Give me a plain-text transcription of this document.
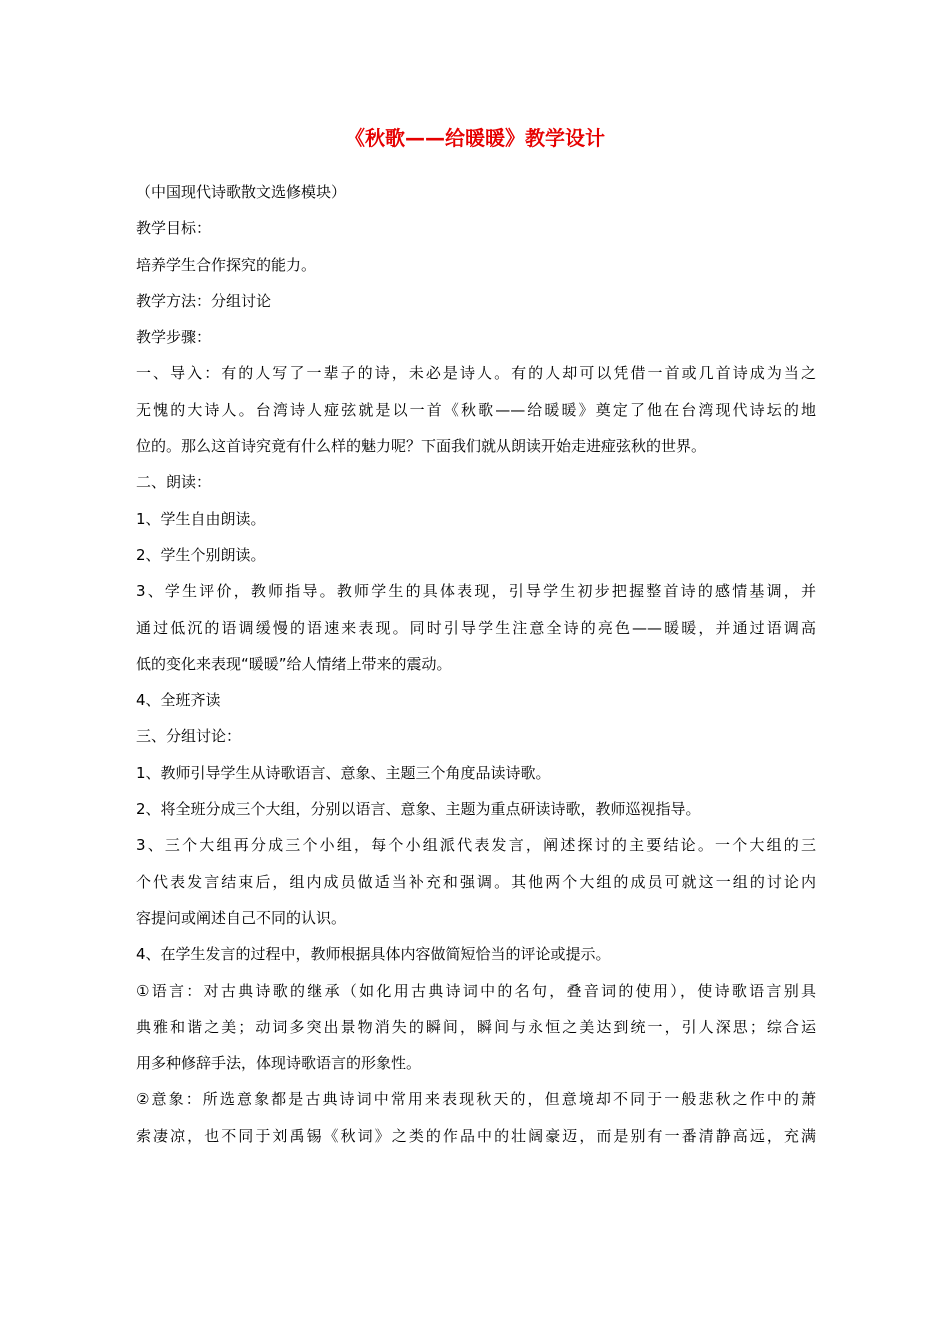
《秋歌——给暖暖》教学设计
（中国现代诗歌散文选修模块）
教学目标：
培养学生合作探究的能力。
教学方法：分组讨论
教学步骤：
一、导入：有的人写了一辈子的诗，未必是诗人。有的人却可以凭借一首或几首诗成为当之
无愧的大诗人。台湾诗人痖弦就是以一首《秋歌——给暖暖》奠定了他在台湾现代诗坛的地
位的。那么这首诗究竟有什么样的魅力呢？下面我们就从朗读开始走进痖弦秋的世界。
二、朗读：
1、学生自由朗读。
2、学生个别朗读。
3、学生评价，教师指导。教师学生的具体表现，引导学生初步把握整首诗的感情基调，并
通过低沉的语调缓慢的语速来表现。同时引导学生注意全诗的亮色——暖暖，并通过语调高
低的变化来表现“暖暖”给人情绪上带来的震动。
4、全班齐读
三、分组讨论：
1、教师引导学生从诗歌语言、意象、主题三个角度品读诗歌。
2、将全班分成三个大组，分别以语言、意象、主题为重点研读诗歌，教师巡视指导。
3、三个大组再分成三个小组，每个小组派代表发言，阐述探讨的主要结论。一个大组的三
个代表发言结束后，组内成员做适当补充和强调。其他两个大组的成员可就这一组的讨论内
容提问或阐述自己不同的认识。
4、在学生发言的过程中，教师根据具体内容做简短恰当的评论或提示。
①语言：对古典诗歌的继承（如化用古典诗词中的名句，叠音词的使用），使诗歌语言别具
典雅和谐之美；动词多突出景物消失的瞬间，瞬间与永恒之美达到统一，引人深思；综合运
用多种修辞手法，体现诗歌语言的形象性。
②意象：所选意象都是古典诗词中常用来表现秋天的，但意境却不同于一般悲秋之作中的萧
索凄凉，也不同于刘禹锡《秋词》之类的作品中的壮阔豪迈，而是别有一番清静高远，充满
